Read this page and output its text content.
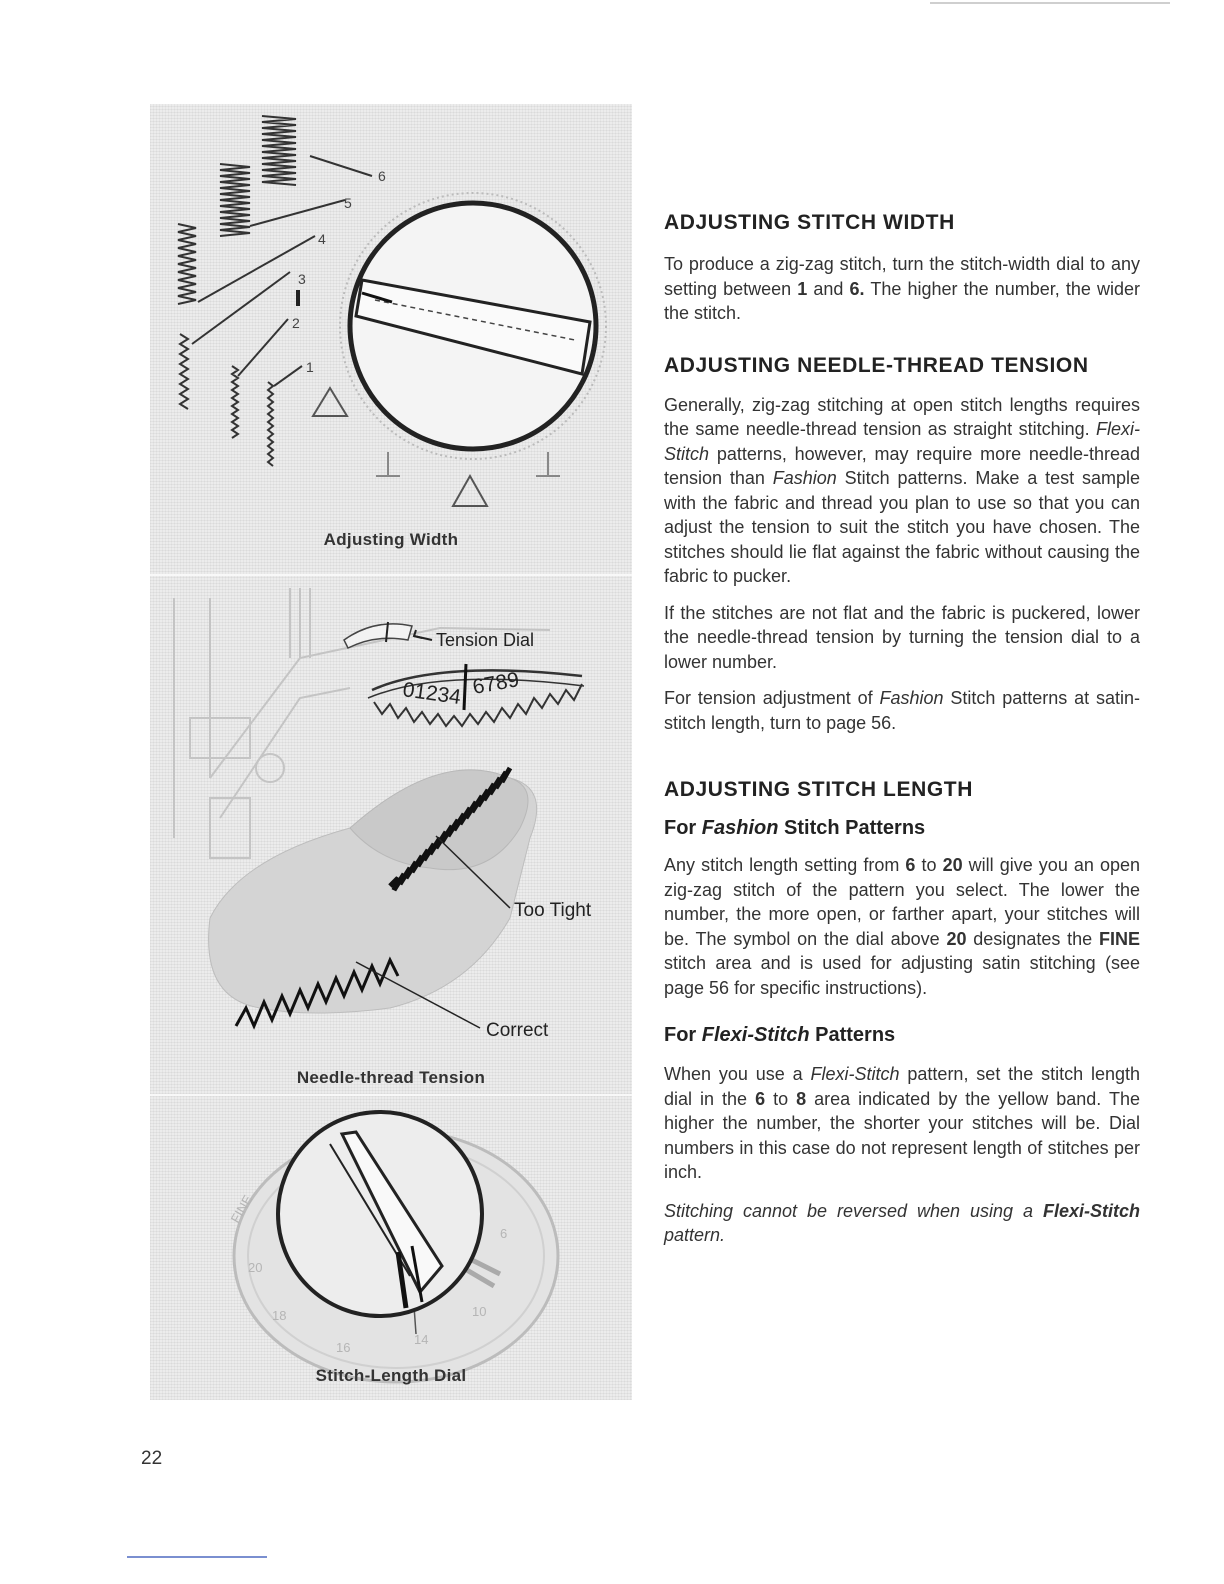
6
5
4
3
2
1
Adjusting Width
Tension Dial
01234 6789
Too Tight
Correct
Needle-thread Tension
FINE
20
18
16
14
10
6
Stitch-Length Dial
ADJUSTING STITCH WIDTH

To produce a zig-zag stitch, turn the stitch-width dial to any setting between 1 and 6. The higher the number, the wider the stitch.

ADJUSTING NEEDLE-THREAD TENSION

Generally, zig-zag stitching at open stitch lengths requires the same needle-thread tension as straight stitching. Flexi-Stitch patterns, however, may require more needle-thread tension than Fashion Stitch patterns. Make a test sample with the fabric and thread you plan to use so that you can adjust the tension to suit the stitch you have chosen. The stitches should lie flat against the fabric without causing the fabric to pucker.

If the stitches are not flat and the fabric is puckered, lower the needle-thread tension by turning the tension dial to a lower number.

For tension adjustment of Fashion Stitch patterns at satin-stitch length, turn to page 56.

ADJUSTING STITCH LENGTH
For Fashion Stitch Patterns

Any stitch length setting from 6 to 20 will give you an open zig-zag stitch of the pattern you select. The lower the number, the more open, or farther apart, your stitches will be. The symbol on the dial above 20 designates the FINE stitch area and is used for adjusting satin stitching (see page 56 for specific instructions).

For Flexi-Stitch Patterns

When you use a Flexi-Stitch pattern, set the stitch length dial in the 6 to 8 area indicated by the yellow band. The higher the number, the shorter your stitches will be. Dial numbers in this case do not represent length of stitches per inch.

Stitching cannot be reversed when using a Flexi-Stitch pattern.

22
